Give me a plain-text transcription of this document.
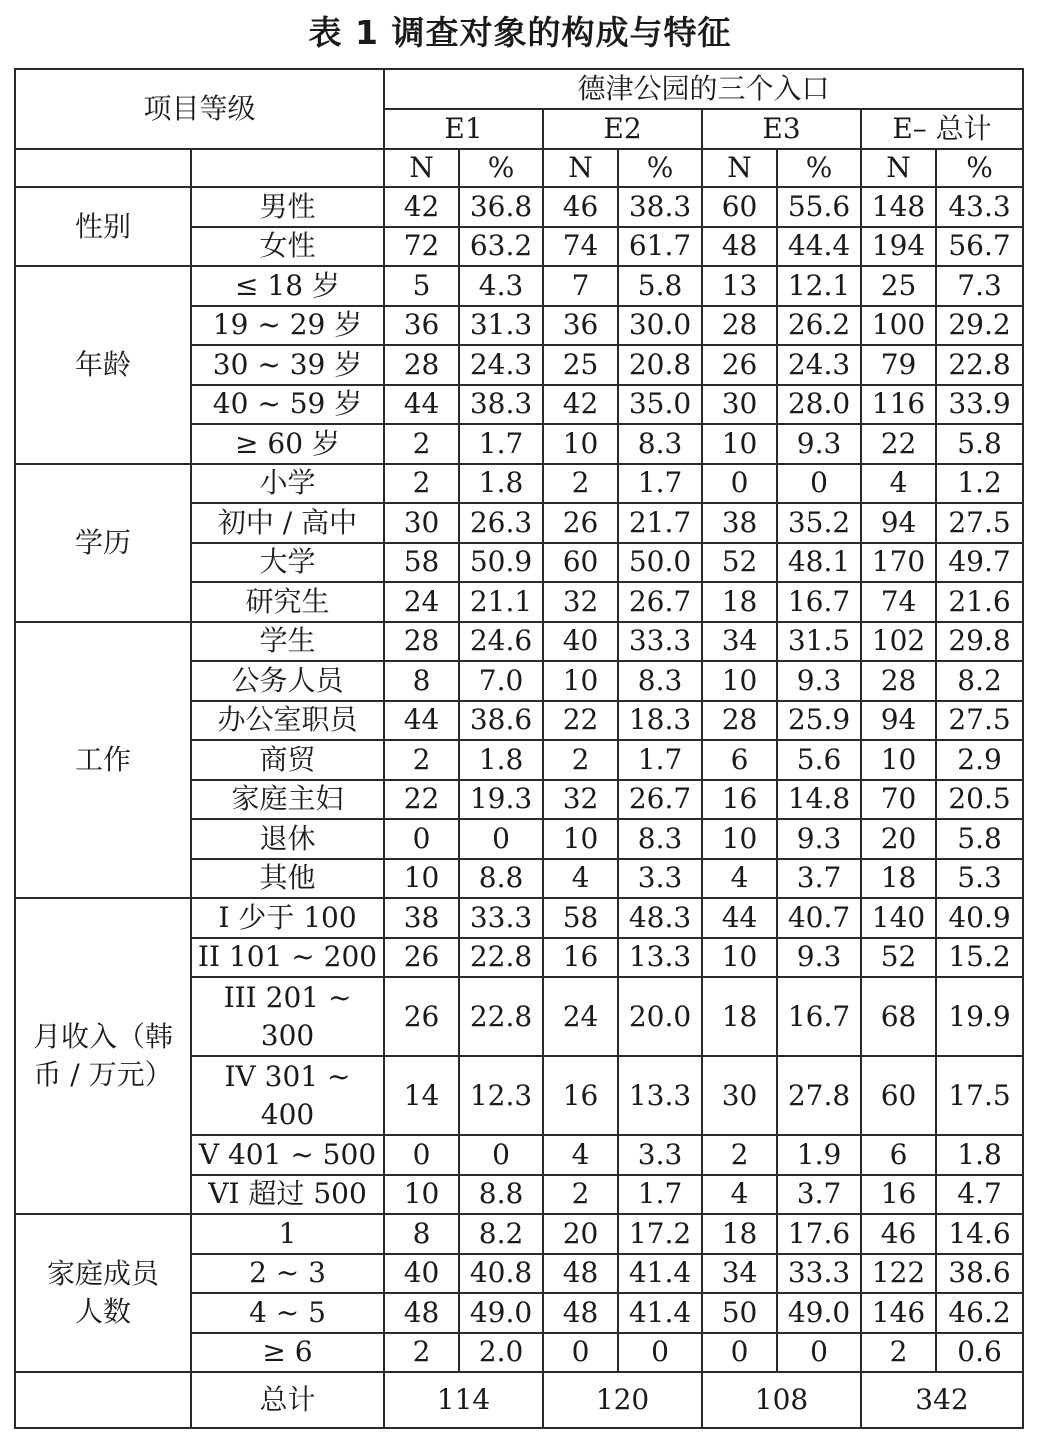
表 1 调查对象的构成与特征
项目等级		德津公园的三个入口							
		E1		E2		E3		E– 总计	
		N	%	N	%	N	%	N	%
性别	男性	42	36.8	46	38.3	60	55.6	148	43.3
	女性	72	63.2	74	61.7	48	44.4	194	56.7
年龄	≤ 18 岁	5	4.3	7	5.8	13	12.1	25	7.3
	19 ~ 29 岁	36	31.3	36	30.0	28	26.2	100	29.2
	30 ~ 39 岁	28	24.3	25	20.8	26	24.3	79	22.8
	40 ~ 59 岁	44	38.3	42	35.0	30	28.0	116	33.9
	≥ 60 岁	2	1.7	10	8.3	10	9.3	22	5.8
学历	小学	2	1.8	2	1.7	0	0	4	1.2
	初中 / 高中	30	26.3	26	21.7	38	35.2	94	27.5
	大学	58	50.9	60	50.0	52	48.1	170	49.7
	研究生	24	21.1	32	26.7	18	16.7	74	21.6
工作	学生	28	24.6	40	33.3	34	31.5	102	29.8
	公务人员	8	7.0	10	8.3	10	9.3	28	8.2
	办公室职员	44	38.6	22	18.3	28	25.9	94	27.5
	商贸	2	1.8	2	1.7	6	5.6	10	2.9
	家庭主妇	22	19.3	32	26.7	16	14.8	70	20.5
	退休	0	0	10	8.3	10	9.3	20	5.8
	其他	10	8.8	4	3.3	4	3.7	18	5.3
月收入（韩币 / 万元）	Ⅰ 少于 100	38	33.3	58	48.3	44	40.7	140	40.9
	II 101 ~ 200	26	22.8	16	13.3	10	9.3	52	15.2
	III 201 ~ 300	26	22.8	24	20.0	18	16.7	68	19.9
	IV 301 ~ 400	14	12.3	16	13.3	30	27.8	60	17.5
	V 401 ~ 500	0	0	4	3.3	2	1.9	6	1.8
	VI 超过 500	10	8.8	2	1.7	4	3.7	16	4.7
家庭成员人数	1	8	8.2	20	17.2	18	17.6	46	14.6
	2 ~ 3	40	40.8	48	41.4	34	33.3	122	38.6
	4 ~ 5	48	49.0	48	41.4	50	49.0	146	46.2
	≥ 6	2	2.0	0	0	0	0	2	0.6
	总计	114		120		108		342	
